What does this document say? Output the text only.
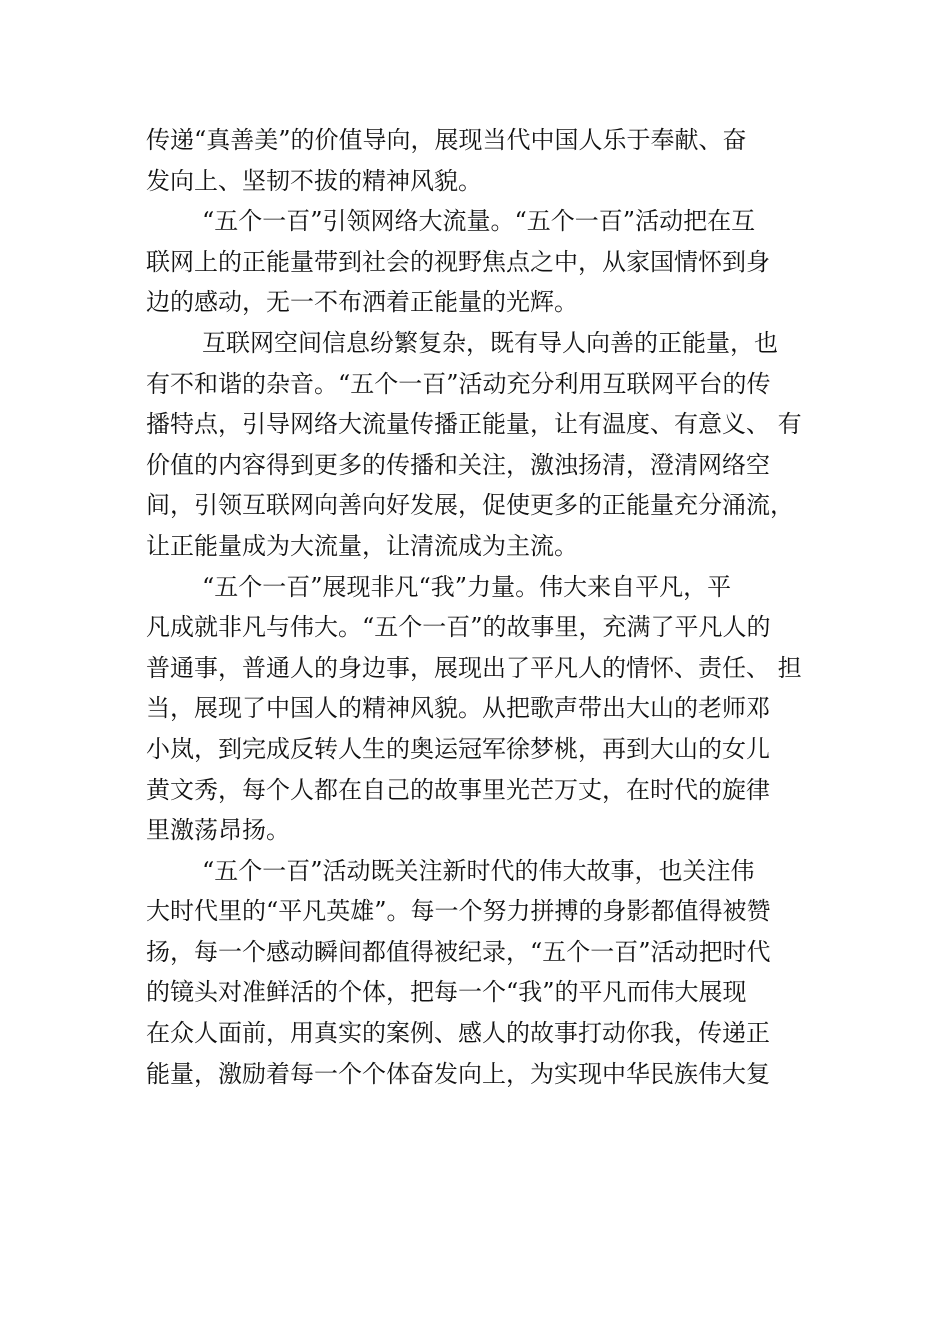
传递“真善美”的价值导向，展现当代中国人乐于奉献、奋
发向上、坚韧不拔的精神风貌。
“五个一百”引领网络大流量。“五个一百”活动把在互
联网上的正能量带到社会的视野焦点之中，从家国情怀到身
边的感动，无一不布洒着正能量的光辉。
互联网空间信息纷繁复杂，既有导人向善的正能量，也
有不和谐的杂音。“五个一百”活动充分利用互联网平台的传
播特点，引导网络大流量传播正能量，让有温度、有意义、 有
价值的内容得到更多的传播和关注，激浊扬清，澄清网络空
间，引领互联网向善向好发展，促使更多的正能量充分涌流，
让正能量成为大流量，让清流成为主流。
“五个一百”展现非凡“我”力量。伟大来自平凡，平
凡成就非凡与伟大。“五个一百”的故事里，充满了平凡人的
普通事，普通人的身边事，展现出了平凡人的情怀、责任、 担
当，展现了中国人的精神风貌。从把歌声带出大山的老师邓
小岚，到完成反转人生的奥运冠军徐梦桃，再到大山的女儿
黄文秀，每个人都在自己的故事里光芒万丈，在时代的旋律
里激荡昂扬。
“五个一百”活动既关注新时代的伟大故事，也关注伟
大时代里的“平凡英雄”。每一个努力拼搏的身影都值得被赞
扬，每一个感动瞬间都值得被纪录，“五个一百”活动把时代
的镜头对准鲜活的个体，把每一个“我”的平凡而伟大展现
在众人面前，用真实的案例、感人的故事打动你我，传递正
能量，激励着每一个个体奋发向上，为实现中华民族伟大复
